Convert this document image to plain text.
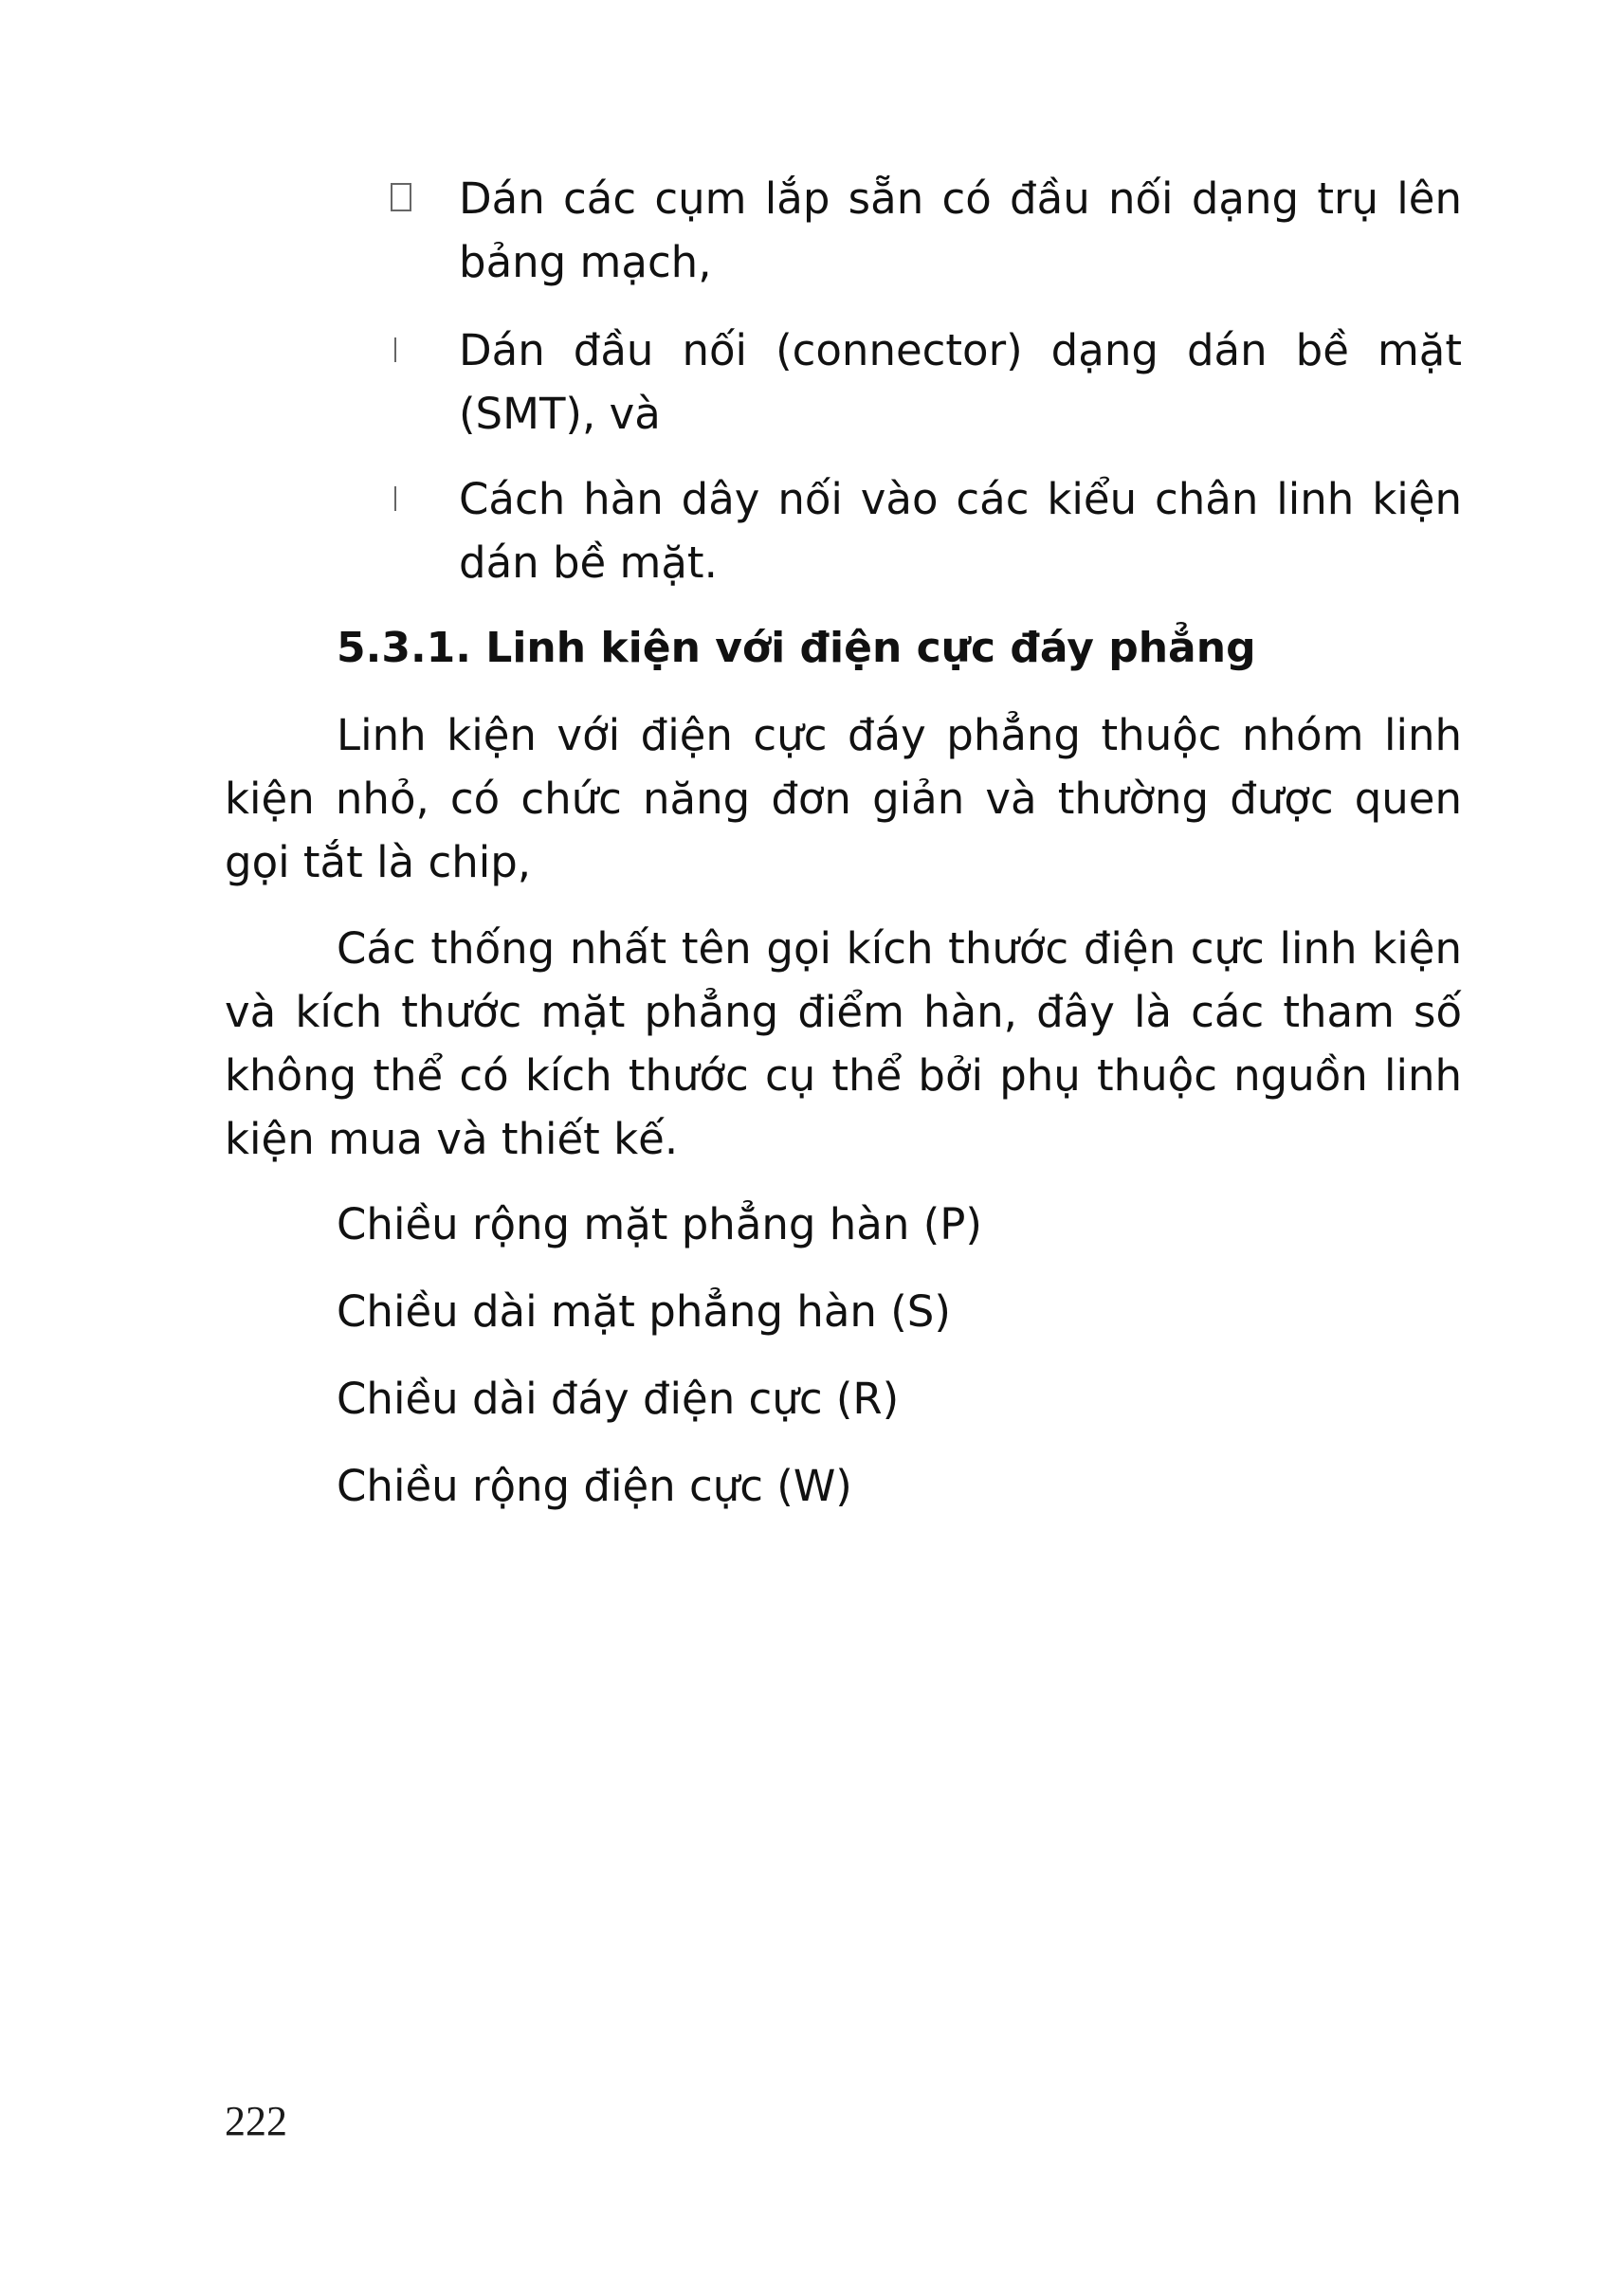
Dán các cụm lắp sẵn có đầu nối dạng trụ lên bảng mạch,
Dán đầu nối (connector) dạng dán bề mặt (SMT), và
Cách hàn dây nối vào các kiểu chân linh kiện dán bề mặt.
5.3.1. Linh kiện với điện cực đáy phẳng
Linh kiện với điện cực đáy phẳng thuộc nhóm linh kiện nhỏ, có chức năng đơn giản và thường được quen gọi tắt là chip,
Các thống nhất tên gọi kích thước điện cực linh kiện và kích thước mặt phẳng điểm hàn, đây là các tham số không thể có kích thước cụ thể bởi phụ thuộc nguồn linh kiện mua và thiết kế.
Chiều rộng mặt phẳng hàn (P)
Chiều dài mặt phẳng hàn (S)
Chiều dài đáy điện cực (R)
Chiều rộng điện cực (W)
222
